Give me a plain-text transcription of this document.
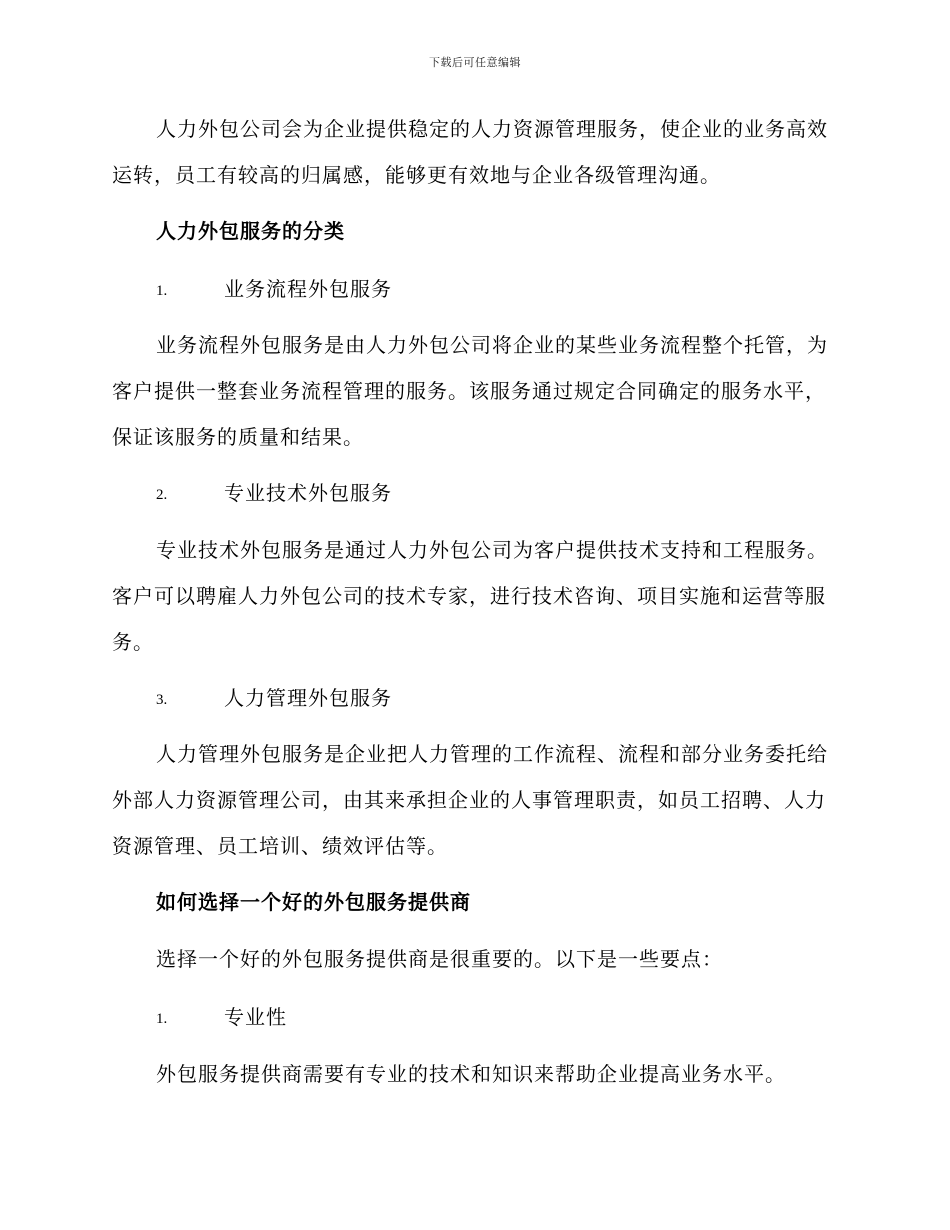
下载后可任意编辑

人力外包公司会为企业提供稳定的人力资源管理服务，使企业的业务高效运转，员工有较高的归属感，能够更有效地与企业各级管理沟通。

人力外包服务的分类

1.	业务流程外包服务

业务流程外包服务是由人力外包公司将企业的某些业务流程整个托管，为客户提供一整套业务流程管理的服务。该服务通过规定合同确定的服务水平，保证该服务的质量和结果。

2.	专业技术外包服务

专业技术外包服务是通过人力外包公司为客户提供技术支持和工程服务。客户可以聘雇人力外包公司的技术专家，进行技术咨询、项目实施和运营等服务。

3.	人力管理外包服务

人力管理外包服务是企业把人力管理的工作流程、流程和部分业务委托给外部人力资源管理公司，由其来承担企业的人事管理职责，如员工招聘、人力资源管理、员工培训、绩效评估等。

如何选择一个好的外包服务提供商

选择一个好的外包服务提供商是很重要的。以下是一些要点：

1.	专业性

外包服务提供商需要有专业的技术和知识来帮助企业提高业务水平。
